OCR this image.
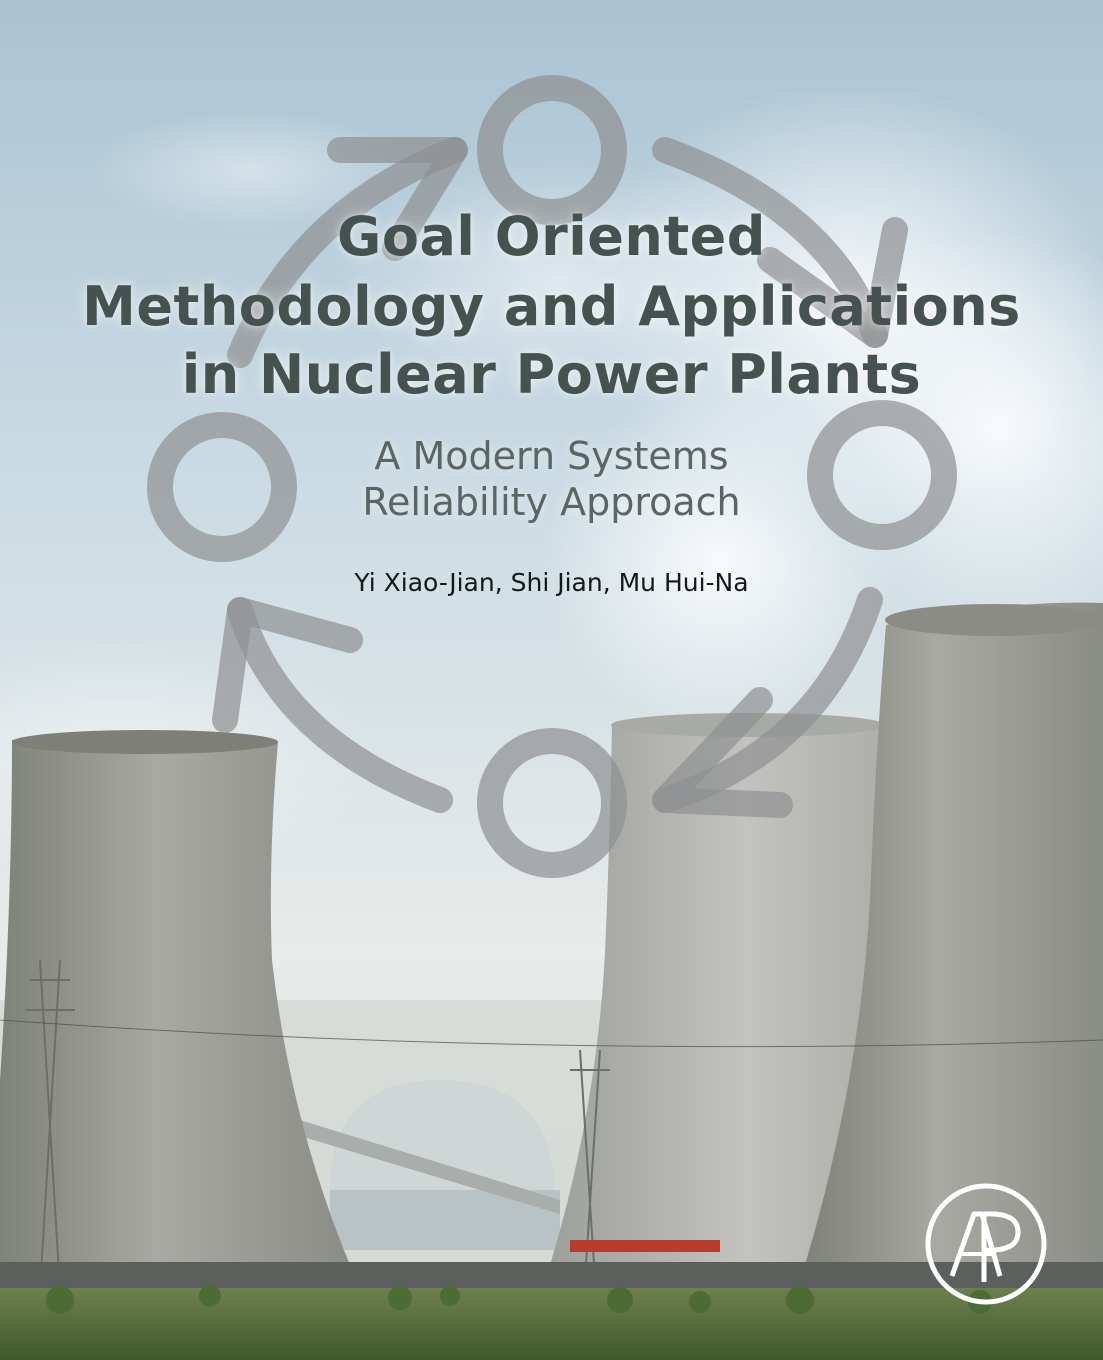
Goal Oriented
Methodology and Applications
in Nuclear Power Plants
A Modern Systems
Reliability Approach
Yi Xiao-Jian, Shi Jian, Mu Hui-Na
